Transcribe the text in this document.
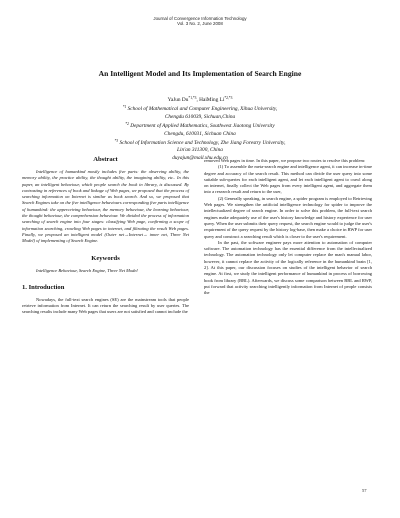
Journal of Convergence Information Technology
Vol. 3 No. 2, June 2008
An Intelligent Model and Its Implementation of Search Engine
YaJun $Du^{*1,*3}$, HaiMing $Li^{*2,*3}$
$^{*1}$ School of Mathematical and Computer Engineering, Xihua University,
Chengdu 610039, Sichuan,China
$^{*2}$ Department of Applied Mathematics, Southwest Jiaotong University
Chengdu, 610031, Sichuan China
$^{*3}$ School of Information Science and Technology, Zhe Jiang Forestry University,
Lin'an 311300, China
duyajun@mail.xhu.edu.cn
Abstract

Intelligence of humankind mostly includes five parts: the observing ability, the memory ability, the practice ability, the thought ability, the imagining ability, etc.. In this paper, an intelligent behaviour, which people search the book in library, is discussed. By contrasting in references of book and linkage of Web pages, we proposed that the process of searching information on Internet is similar as book search. And so, we proposed that Search Engines take on the five intelligence behaviours corresponding five parts intelligence of humankind: the apperceiving behaviour, the memory behaviour, the learning behaviour, the thought behaviour, the comprehension behaviour. We divided the process of information searching of search engine into four stages: classifying Web page, confirming a scope of information searching, crawling Web pages in internet, and filtrating the result Web pages. Finally, we proposed an intelligent model (Outer net→Internet→ inner net, Three Net Model) of implementing of Search Engine.

Keywords

Intelligence Behaviour, Search Engine, Three Net Model

1. Introduction

Nowadays, the full-text search engines (SE) are the mainstream tools that people retrieve information from Internet. It can return the searching result by user queries. The searching results include many Web pages that users are not satisfied and cannot include the

removed Web pages in time. In this paper, we propose two routes to resolve this problem:

(1) To assemble the meta-search engine and intelligence agent, it can increase in-time degree and accuracy of the search result. This method can divide the user query into some suitable sub-queries for each intelligent agent, and let each intelligent agent to crawl along on internet, finally collect the Web pages from every intelligent agent, and aggregate them into a research result and return to the user,

(2) Generally speaking, in search engine, a spider program is employed to Retrieving Web pages. We strengthen the artificial intelligence technology for spider to improve the intellectualized degree of search engine. In order to solve this problem, the full-text search engines make adequately use of the user's history knowledge and history experience for user query. When the user submits their query request, the search engine would to judge the user's requirement of the query request by the history log-base, then make a choice in RWP for user query and construct a searching result which is closer to the user's requirement.

In the past, the software engineer pays more attention to automation of computer software. The automation technology has the essential difference from the intellectualized technology. The automation technology only let computer replace the man's manual labor, however, it cannot replace the activity of the logically reference in the humankind brain [1, 2]. At this paper, our discussion focuses on studies of the intelligent behavior of search engine. At first, we study the intelligent performance of humankind in process of borrowing book from library (BBL). Afterwards, we discuss some comparison between BBL and RWP, put forward that activity searching intelligently information from Internet of people consists the

57
